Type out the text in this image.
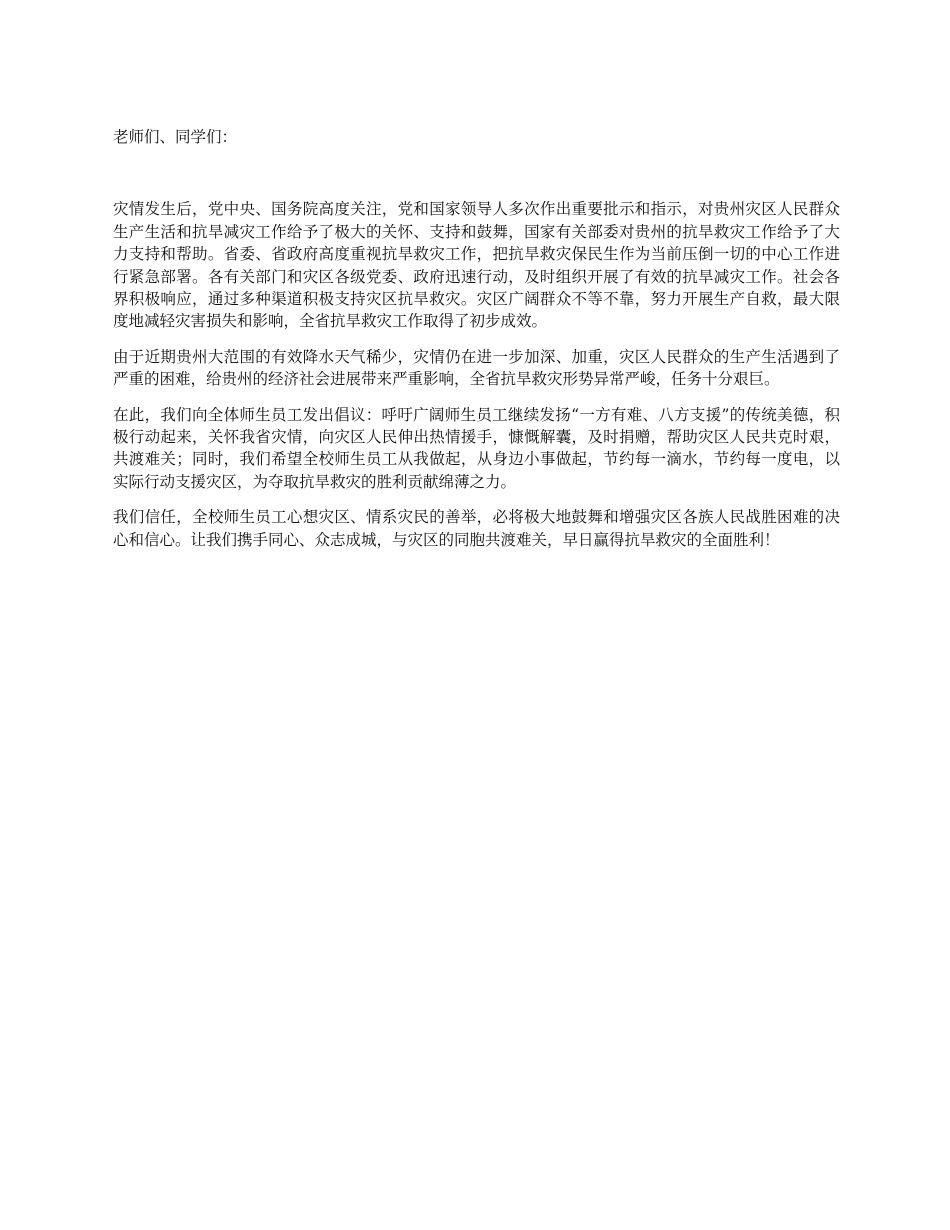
老师们、同学们：

灾情发生后，党中央、国务院高度关注，党和国家领导人多次作出重要批示和指示，对贵州灾区人民群众生产生活和抗旱减灾工作给予了极大的关怀、支持和鼓舞，国家有关部委对贵州的抗旱救灾工作给予了大力支持和帮助。省委、省政府高度重视抗旱救灾工作，把抗旱救灾保民生作为当前压倒一切的中心工作进行紧急部署。各有关部门和灾区各级党委、政府迅速行动，及时组织开展了有效的抗旱减灾工作。社会各界积极响应，通过多种渠道积极支持灾区抗旱救灾。灾区广阔群众不等不靠，努力开展生产自救，最大限度地减轻灾害损失和影响，全省抗旱救灾工作取得了初步成效。

由于近期贵州大范围的有效降水天气稀少，灾情仍在进一步加深、加重，灾区人民群众的生产生活遇到了严重的困难，给贵州的经济社会进展带来严重影响，全省抗旱救灾形势异常严峻，任务十分艰巨。

在此，我们向全体师生员工发出倡议：呼吁广阔师生员工继续发扬“一方有难、八方支援”的传统美德，积极行动起来，关怀我省灾情，向灾区人民伸出热情援手，慷慨解囊，及时捐赠，帮助灾区人民共克时艰，共渡难关；同时，我们希望全校师生员工从我做起，从身边小事做起，节约每一滴水，节约每一度电，以实际行动支援灾区，为夺取抗旱救灾的胜利贡献绵薄之力。

我们信任，全校师生员工心想灾区、情系灾民的善举，必将极大地鼓舞和增强灾区各族人民战胜困难的决心和信心。让我们携手同心、众志成城，与灾区的同胞共渡难关，早日赢得抗旱救灾的全面胜利！
